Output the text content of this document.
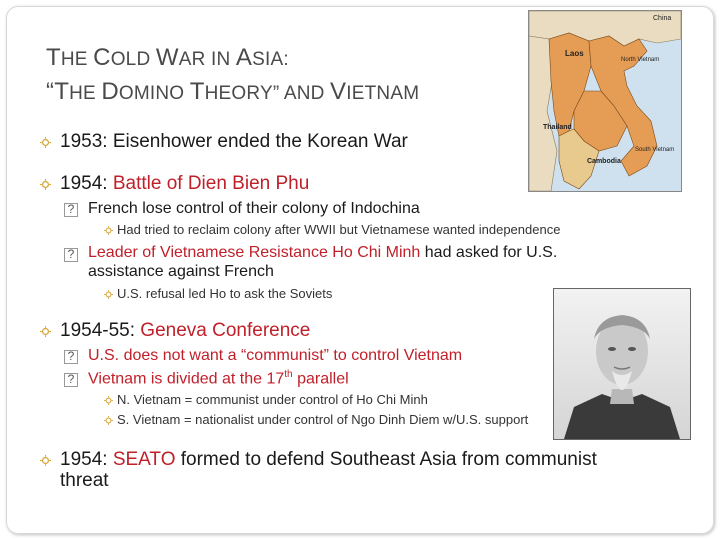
THE COLD WAR IN ASIA:
“THE DOMINO THEORY” AND VIETNAM
China
Laos
North Vietnam
Thailand
Cambodia
South Vietnam
1953: Eisenhower ended the Korean War
1954: Battle of Dien Bien Phu
? French lose control of their colony of Indochina
Had tried to reclaim colony after WWII but Vietnamese wanted independence
? Leader of Vietnamese Resistance Ho Chi Minh had asked for U.S.
assistance against French
U.S. refusal led Ho to ask the Soviets
1954-55: Geneva Conference
? U.S. does not want a “communist” to control Vietnam
? Vietnam is divided at the 17th parallel
N. Vietnam = communist under control of Ho Chi Minh
S. Vietnam = nationalist under control of Ngo Dinh Diem w/U.S. support
1954: SEATO formed to defend Southeast Asia from communist
threat
